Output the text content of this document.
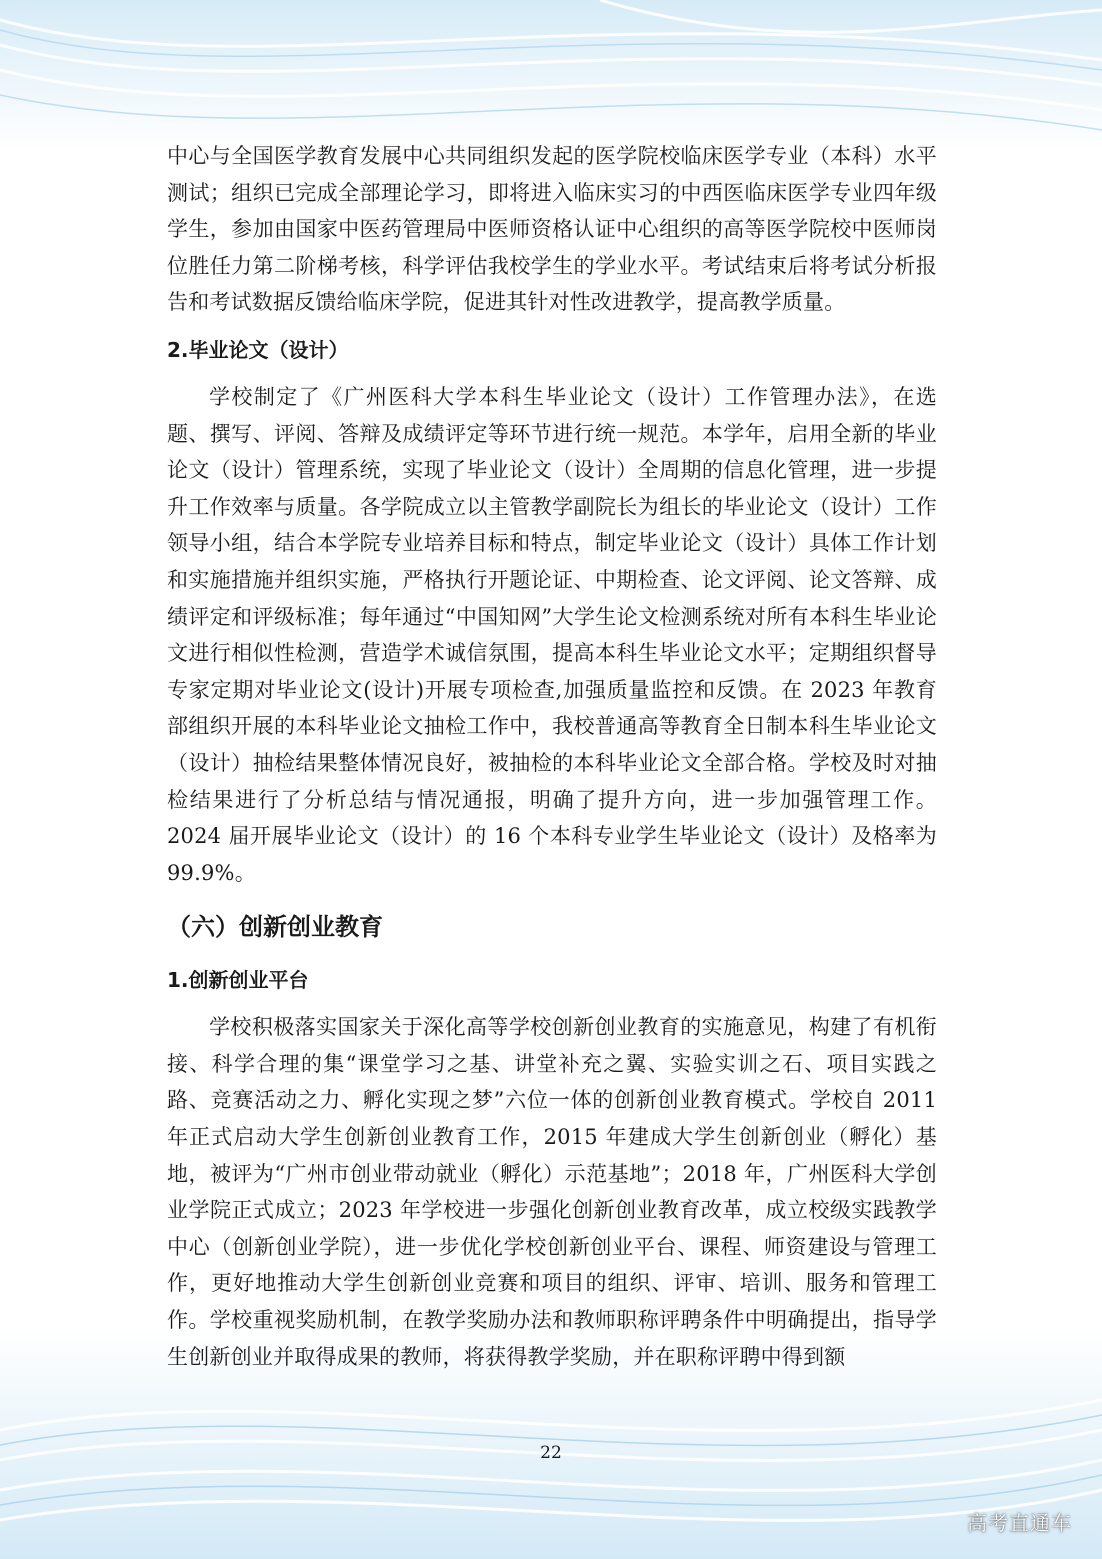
中心与全国医学教育发展中心共同组织发起的医学院校临床医学专业（本科）水平测试；组织已完成全部理论学习，即将进入临床实习的中西医临床医学专业四年级学生，参加由国家中医药管理局中医师资格认证中心组织的高等医学院校中医师岗位胜任力第二阶梯考核，科学评估我校学生的学业水平。考试结束后将考试分析报告和考试数据反馈给临床学院，促进其针对性改进教学，提高教学质量。

2.毕业论文（设计）

学校制定了《广州医科大学本科生毕业论文（设计）工作管理办法》，在选题、撰写、评阅、答辩及成绩评定等环节进行统一规范。本学年，启用全新的毕业论文（设计）管理系统，实现了毕业论文（设计）全周期的信息化管理，进一步提升工作效率与质量。各学院成立以主管教学副院长为组长的毕业论文（设计）工作领导小组，结合本学院专业培养目标和特点，制定毕业论文（设计）具体工作计划和实施措施并组织实施，严格执行开题论证、中期检查、论文评阅、论文答辩、成绩评定和评级标准；每年通过“中国知网”大学生论文检测系统对所有本科生毕业论文进行相似性检测，营造学术诚信氛围，提高本科生毕业论文水平；定期组织督导专家定期对毕业论文(设计)开展专项检查,加强质量监控和反馈。在 2023 年教育部组织开展的本科毕业论文抽检工作中，我校普通高等教育全日制本科生毕业论文（设计）抽检结果整体情况良好，被抽检的本科毕业论文全部合格。学校及时对抽检结果进行了分析总结与情况通报，明确了提升方向，进一步加强管理工作。2024 届开展毕业论文（设计）的 16 个本科专业学生毕业论文（设计）及格率为 99.9%。

（六）创新创业教育
1.创新创业平台

学校积极落实国家关于深化高等学校创新创业教育的实施意见，构建了有机衔接、科学合理的集“课堂学习之基、讲堂补充之翼、实验实训之石、项目实践之路、竞赛活动之力、孵化实现之梦”六位一体的创新创业教育模式。学校自 2011 年正式启动大学生创新创业教育工作，2015 年建成大学生创新创业（孵化）基地，被评为“广州市创业带动就业（孵化）示范基地”；2018 年，广州医科大学创业学院正式成立；2023 年学校进一步强化创新创业教育改革，成立校级实践教学中心（创新创业学院），进一步优化学校创新创业平台、课程、师资建设与管理工作，更好地推动大学生创新创业竞赛和项目的组织、评审、培训、服务和管理工作。学校重视奖励机制，在教学奖励办法和教师职称评聘条件中明确提出，指导学生创新创业并取得成果的教师，将获得教学奖励，并在职称评聘中得到额

22
高考直通车
